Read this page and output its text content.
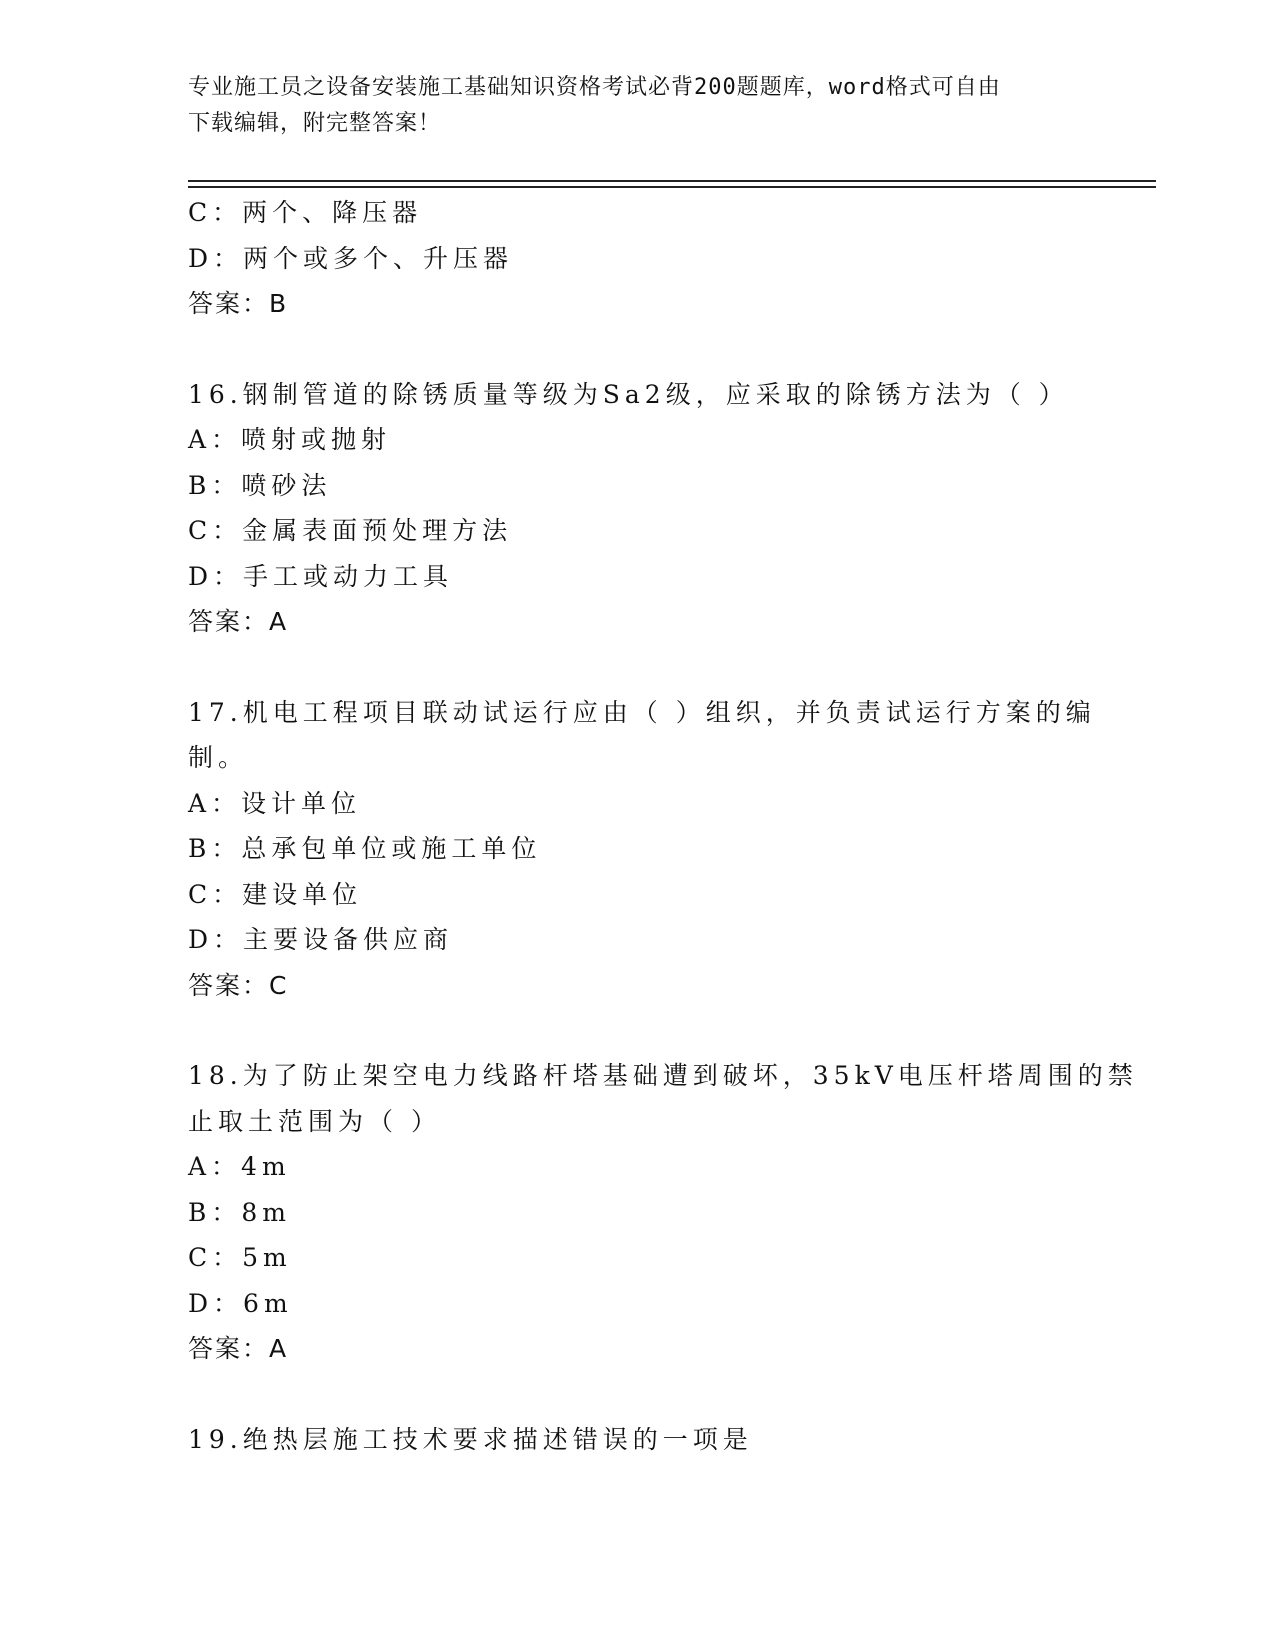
专业施工员之设备安装施工基础知识资格考试必背200题题库，word格式可自由
下载编辑，附完整答案！
C：两个、降压器
D：两个或多个、升压器
答案：B
16.钢制管道的除锈质量等级为Sa2级，应采取的除锈方法为（ ）
A：喷射或抛射
B：喷砂法
C：金属表面预处理方法
D：手工或动力工具
答案：A
17.机电工程项目联动试运行应由（ ）组织，并负责试运行方案的编
制。
A：设计单位
B：总承包单位或施工单位
C：建设单位
D：主要设备供应商
答案：C
18.为了防止架空电力线路杆塔基础遭到破坏，35kV电压杆塔周围的禁
止取土范围为（ ）
A：4m
B：8m
C：5m
D：6m
答案：A
19.绝热层施工技术要求描述错误的一项是
